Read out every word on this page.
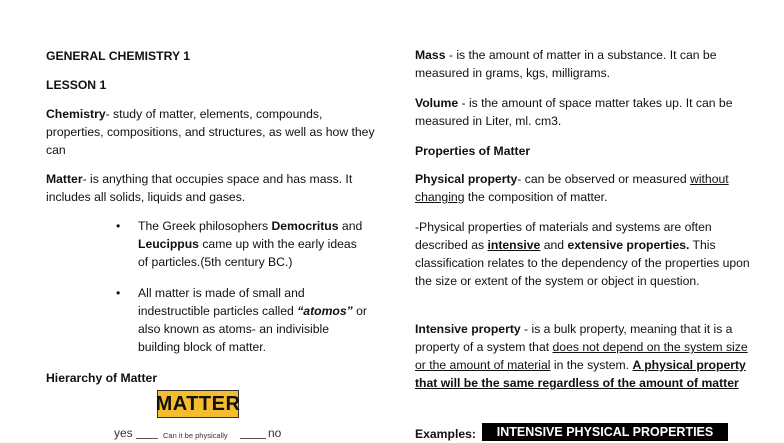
GENERAL CHEMISTRY 1

LESSON 1

Chemistry- study of matter, elements, compounds, properties, compositions, and structures, as well as how they can

Matter- is anything that occupies space and has mass. It includes all solids, liquids and gases.

•	The Greek philosophers Democritus and Leucippus came up with the early ideas of particles.(5th century BC.)

•	All matter is made of small and indestructible particles called “atomos” or also known as atoms- an indivisible building block of matter.

Hierarchy of Matter

MATTER
yes	Can it be physically	no

Mass - is the amount of matter in a substance. It can be measured in grams, kgs, milligrams.

Volume - is the amount of space matter takes up. It can be measured in Liter, ml. cm3.

Properties of Matter

Physical property- can be observed or measured without changing the composition of matter.

-Physical properties of materials and systems are often described as intensive and extensive properties. This classification relates to the dependency of the properties upon the size or extent of the system or object in question.

Intensive property - is a bulk property, meaning that it is a property of a system that does not depend on the system size or the amount of material in the system. A physical property that will be the same regardless of the amount of matter

Examples:	INTENSIVE PHYSICAL PROPERTIES
